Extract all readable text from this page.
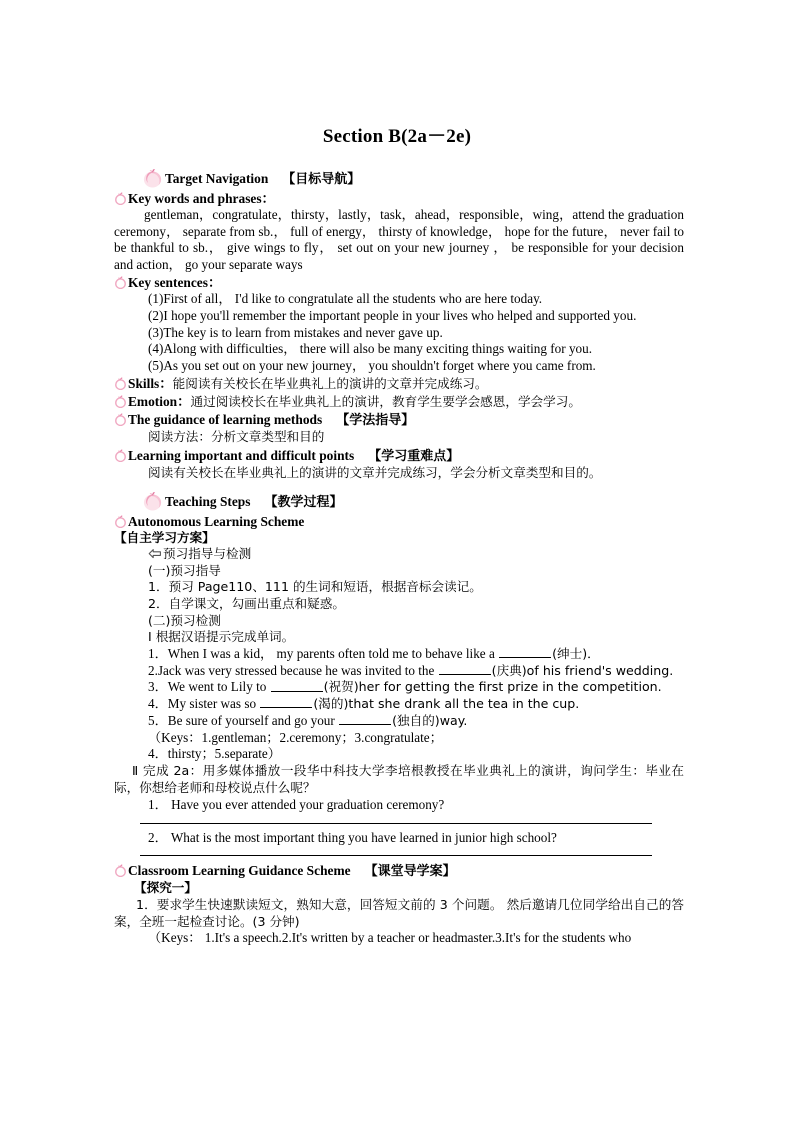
Section B(2a－2e)
Target Navigation 【目标导航】
Key words and phrases：
gentleman，congratulate，thirsty，lastly，task，ahead，responsible，wing，attend the graduation ceremony， separate from sb.， full of energy， thirsty of knowledge， hope for the future， never fail to be thankful to sb.， give wings to fly， set out on your new journey ， be responsible for your decision and action， go your separate ways
Key sentences：
(1)First of all， I'd like to congratulate all the students who are here today.
(2)I hope you'll remember the important people in your lives who helped and supported you.
(3)The key is to learn from mistakes and never gave up.
(4)Along with difficulties， there will also be many exciting things waiting for you.
(5)As you set out on your new journey， you shouldn't forget where you came from.
Skills：能阅读有关校长在毕业典礼上的演讲的文章并完成练习。
Emotion：通过阅读校长在毕业典礼上的演讲，教育学生要学会感恩，学会学习。
The guidance of learning methods 【学法指导】
阅读方法：分析文章类型和目的
Learning important and difficult points 【学习重难点】
阅读有关校长在毕业典礼上的演讲的文章并完成练习，学会分析文章类型和目的。
Teaching Steps 【教学过程】
Autonomous Learning Scheme
【自主学习方案】
预习指导与检测
(一)预习指导
1．预习 Page110、111 的生词和短语，根据音标会读记。
2．自学课文，勾画出重点和疑惑。
(二)预习检测
Ⅰ 根据汉语提示完成单词。
1．When I was a kid， my parents often told me to behave like a	(绅士)．
2.Jack was very stressed because he was invited to the	(庆典)of his friend's wedding.
3．We went to Lily to	(祝贺)her for getting the first prize in the competition.
4．My sister was so	(渴的)that she drank all the tea in the cup.
5．Be sure of yourself and go your	(独自的)way.
（Keys：1.gentleman；2.ceremony；3.congratulate；
4．thirsty；5.separate）
Ⅱ 完成 2a：用多媒体播放一段华中科技大学李培根教授在毕业典礼上的演讲，询问学生：毕业在际，你想给老师和母校说点什么呢？
1． Have you ever attended your graduation ceremony?
2． What is the most important thing you have learned in junior high school?
Classroom Learning Guidance Scheme 【课堂导学案】
【探究一】
1．要求学生快速默读短文，熟知大意，回答短文前的 3 个问题。 然后邀请几位同学给出自己的答案，全班一起检查讨论。(3 分钟)
（Keys： 1.It's a speech.2.It's written by a teacher or headmaster.3.It's for the students who
